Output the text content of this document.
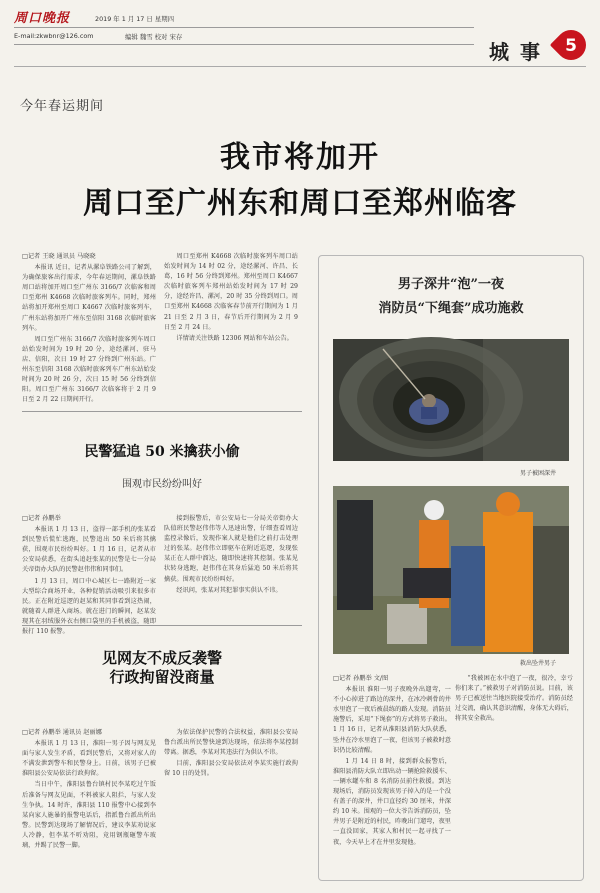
周口晚报	2019 年 1 月 17 日 星期四
E-mail:zkwbnr@126.com	编辑 魏雪 校对 宋存
城 事	5
今年春运期间
我市将加开
周口至广州东和周口至郑州临客

□记者 王晓 通讯员 马晓晓

本报讯 近日，记者从漯阜铁路公司了解到，为确保旅客出行需求，今年春运期间，漯阜铁路周口站将加开周口至广州东 3166/7 次临客和周口至郑州 K4668 次临时旅客列车。同时，郑州站将加开郑州至周口 K4667 次临时旅客列车，广州东站将加开广州东至信阳 3168 次临时旅客列车。

周口至广州东 3166/7 次临时旅客列车周口站始发时间为 19 时 20 分，途经漯河、驻马店、信阳，次日 19 时 27 分终到广州东站。广州东至信阳 3168 次临时旅客列车广州东站始发时间为 20 时 26 分，次日 15 时 56 分终到信阳。周口至广州东 3166/7 次临客将于 2 月 9 日至 2 月 22 日期间开行。

周口至郑州 K4668 次临时旅客列车周口站始发时间为 14 时 02 分，途经漯河、许昌、长葛，16 时 56 分终到郑州。郑州至周口 K4667 次临时旅客列车郑州站始发时间为 17 时 29 分，途经许昌、漯河，20 时 35 分终到周口。周口至郑州 K4668 次临客春节前开行期间为 1 月 21 日至 2 月 3 日，春节后开行期间为 2 月 9 日至 2 月 24 日。

详情请关注铁路 12306 网站和车站公告。

民警猛追 50 米擒获小偷
围观市民纷纷叫好

□记者 孙鹏举

本报讯 1 月 13 日，盗得一部手机的张某看到民警后慌忙逃跑，民警追出 50 米后将其擒获，围观市民纷纷叫好。1 月 16 日，记者从市公安局获悉，在街头追赶张某的民警是七一分局关帝街办大队的民警赵伟伟和同事们。

1 月 13 日，周口中心城区七一路附近一家大型综合商场开业，各种促销活动吸引来很多市民。正在附近巡逻的赵某和其同事看到这热闹，就随着人群进入商场。就在进门的瞬间，赵某发现其在羽绒服外衣右侧口袋里的手机被盗，随即报打 110 报警。

接到报警后，市公安局七一分局关帝街办大队值班民警赵伟伟等人迅速出警，仔细查看周边监控录像后，发现作案人就是他们之前打击处理过的张某。赵伟伟立即驱车在附近巡逻，发现张某正在人群中溜达，随即快速将其控制。张某见状转身逃跑，赵伟伟在其身后猛追 50 米后将其擒获。围观市民纷纷叫好。

经讯问，张某对其犯罪事实供认不讳。

见网友不成反袭警
行政拘留没商量

□记者 孙鹏举 通讯员 赵丽娜

本报讯 1 月 13 日，淮阳一男子因与网友见面与家人发生矛盾，看到民警后，又将对家人的不满发泄到警车和民警身上。日前，该男子已被淮阳县公安局依法行政拘留。

当日中午，淮阳县鲁台镇村民李某吃过午饭后准备与网友见面，不料被家人阻拦，与家人发生争执。14 时许，淮阳县 110 报警中心接到李某向家人施暴的报警电话后，指派鲁台派出所出警。民警到达现场了解情况后，建议李某劝说家人冷静，但李某不听劝阻，竟用钢瓶砸警车玻璃，并踢了民警一脚。

为依法保护民警的合法权益，淮阳县公安局鲁台派出所民警快速到达现场，依法将李某控制带离。据悉，李某对其违法行为供认不讳。

目前，淮阳县公安局依法对李某实施行政拘留 10 日的处罚。

男子深井“泡”一夜
消防员“下绳套”成功施救
男子被困深井
救出坠井男子

□记者 孙鹏举 文/图

本报讯 淮阳一男子夜晚外出遛弯，一不小心掉进了路边的深井，在冰冷刺骨的井水里泡了一夜后被晨练的路人发现。消防员施警后，采用“下绳套”的方式将男子救出。1 月 16 日，记者从淮阳县消防大队获悉，坠井在冷水里泡了一夜，但该男子被救时意识仍比较清醒。

1 月 14 日 8 时，接到群众报警后，淮阳县消防大队立即出动一辆抢险救援车、一辆水罐车和 8 名消防员前往救援。到达现场后，消防员发现该男子掉入的是一个没有盖子的深井，井口直径约 30 厘米，井深约 10 米。围观的一位大爷告诉消防员，坠井男子是附近的村民，昨晚出门遛弯，夜里一直没回家，其家人和村民一起寻找了一夜，今天早上才在井里发现他。

“我被困在水中泡了一夜，很冷，幸亏你们来了。”被救男子对消防员说。目前，该男子已被送往当地医院接受治疗。消防员经过交流，确认其意识清醒，身体无大碍后，将其安全救出。
